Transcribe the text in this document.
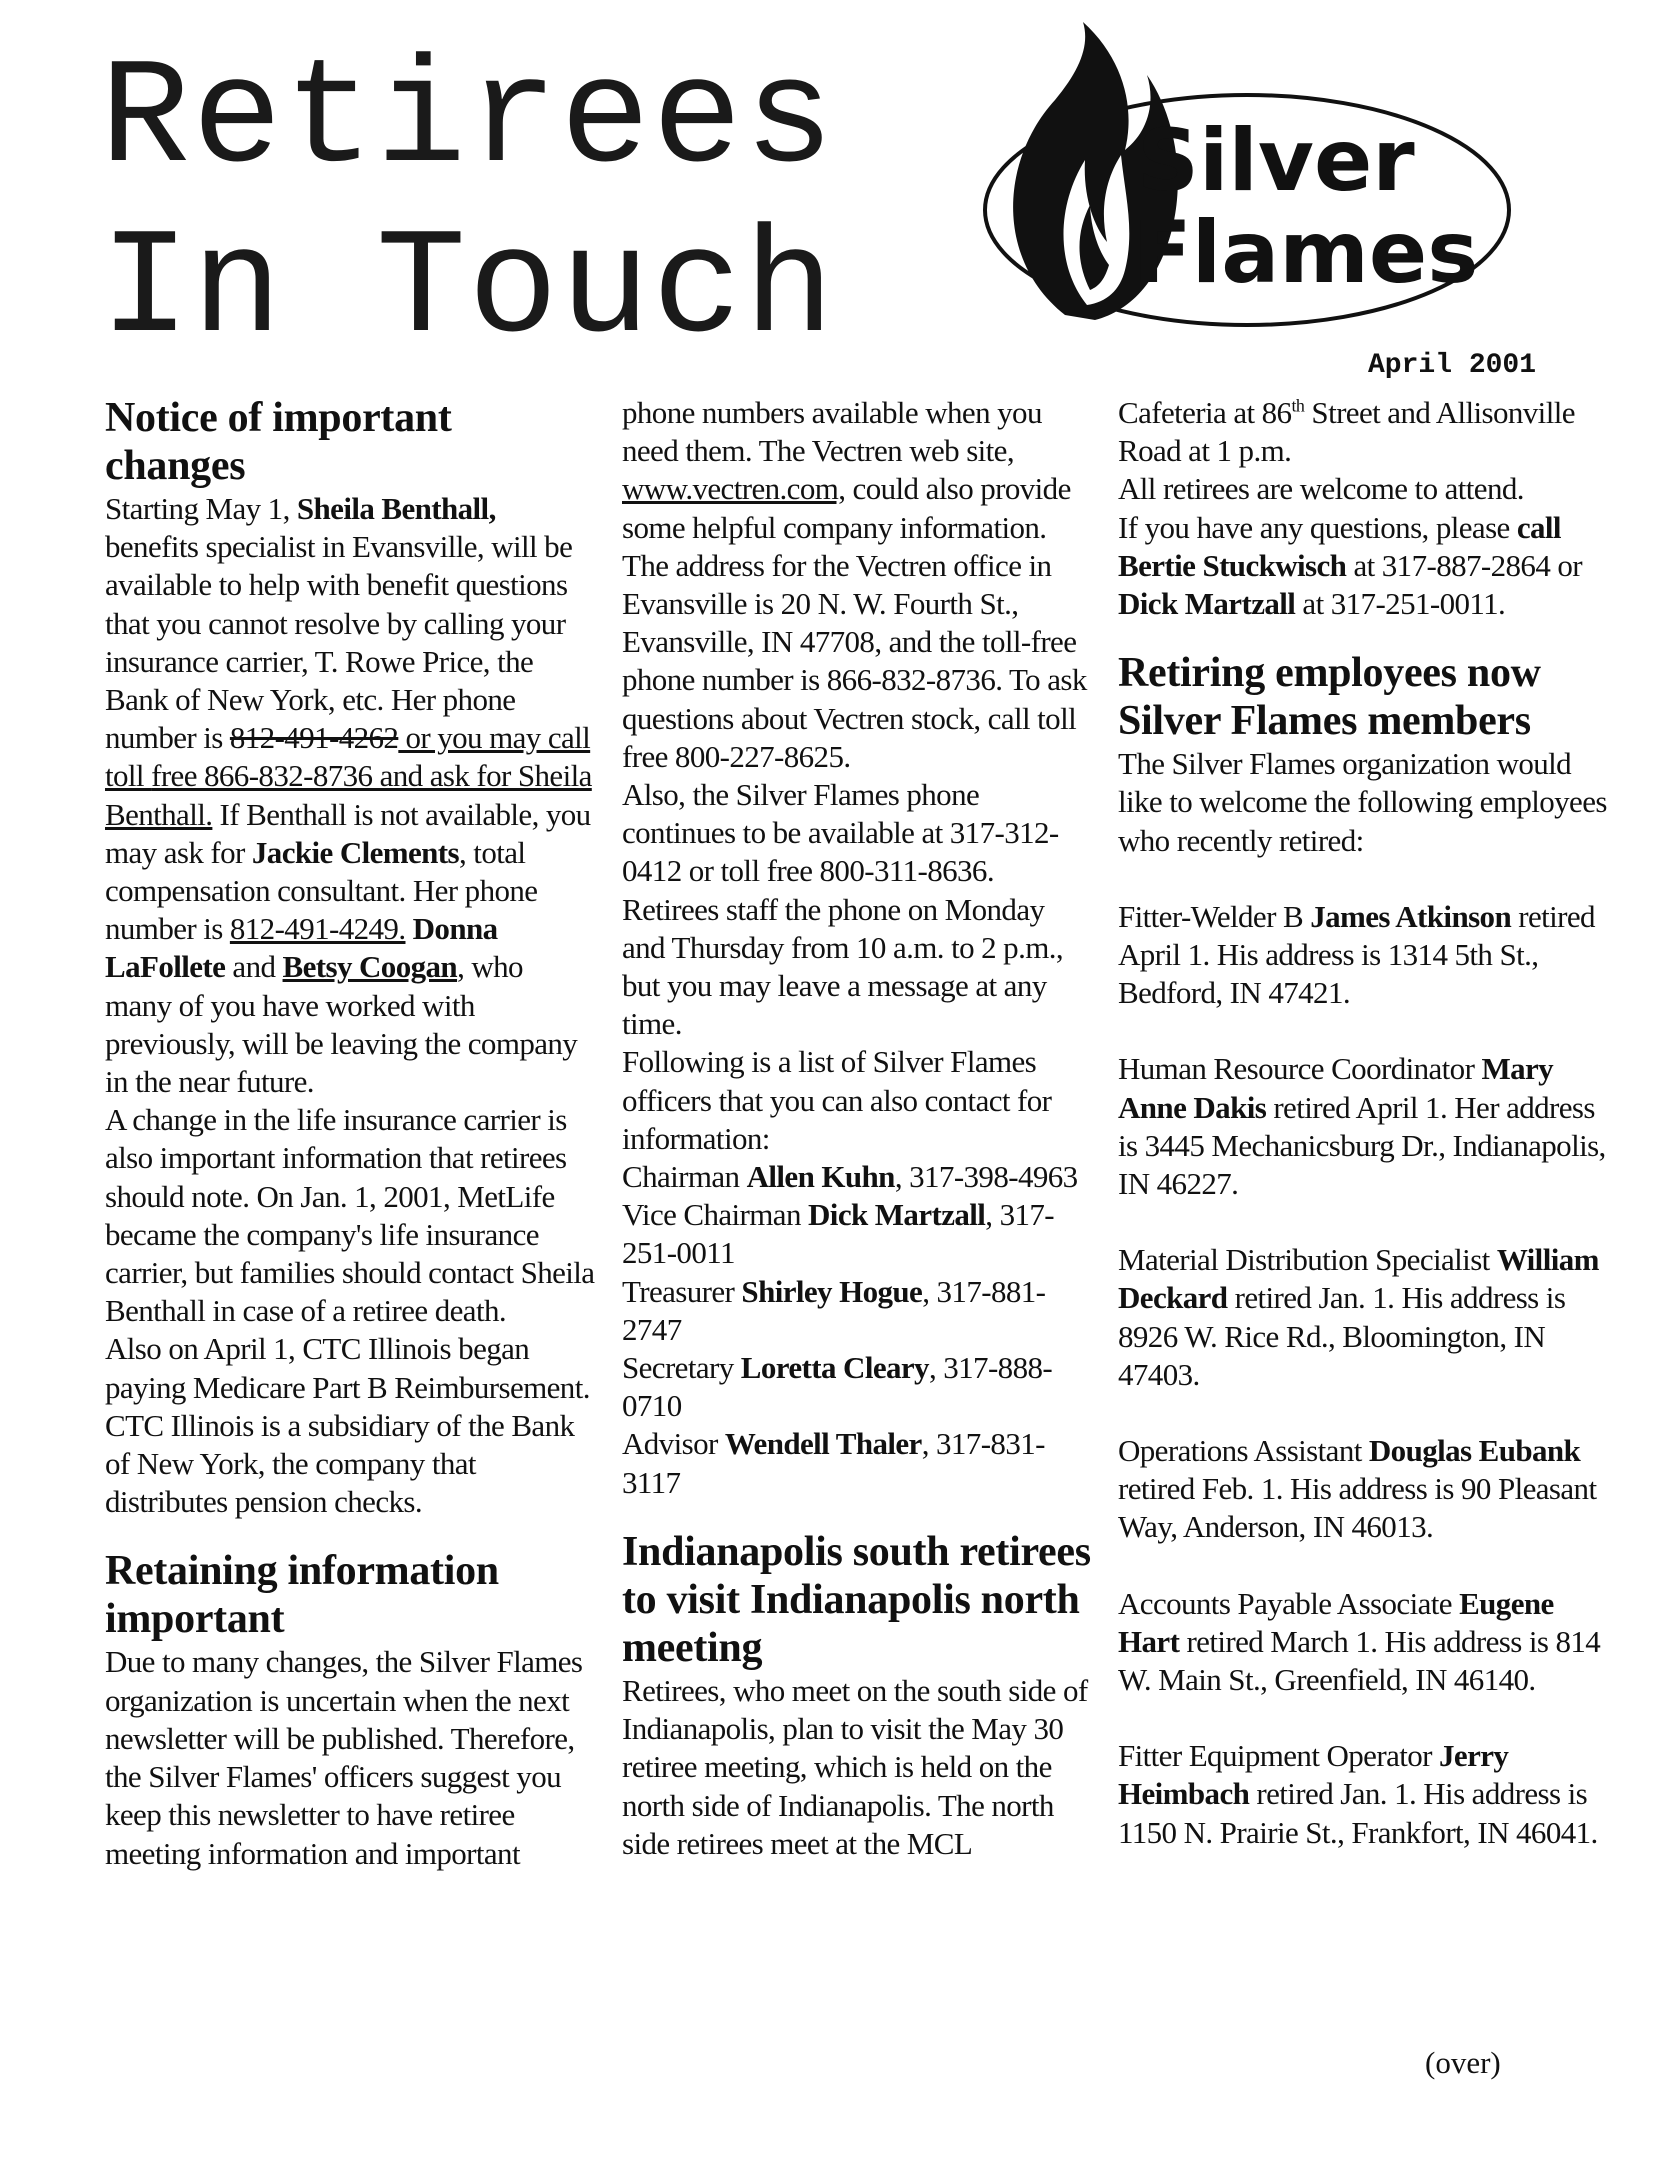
Retirees
In Touch
Silver
Flames
April 2001
Notice of important changes

Starting May 1, Sheila Benthall, benefits specialist in Evansville, will be available to help with benefit questions that you cannot resolve by calling your insurance carrier, T. Rowe Price, the Bank of New York, etc. Her phone number is 812-491-4262 or you may call toll free 866-832-8736 and ask for Sheila Benthall. If Benthall is not available, you may ask for Jackie Clements, total compensation consultant. Her phone number is 812-491-4249. Donna LaFollete and Betsy Coogan, who many of you have worked with previously, will be leaving the company in the near future.

A change in the life insurance carrier is also important information that retirees should note. On Jan. 1, 2001, MetLife became the company's life insurance carrier, but families should contact Sheila Benthall in case of a retiree death.

Also on April 1, CTC Illinois began paying Medicare Part B Reimbursement. CTC Illinois is a subsidiary of the Bank of New York, the company that distributes pension checks.

Retaining information important

Due to many changes, the Silver Flames organization is uncertain when the next newsletter will be published. Therefore, the Silver Flames' officers suggest you keep this newsletter to have retiree meeting information and important

phone numbers available when you need them. The Vectren web site, www.vectren.com, could also provide some helpful company information.

The address for the Vectren office in Evansville is 20 N. W. Fourth St., Evansville, IN 47708, and the toll-free phone number is 866-832-8736. To ask questions about Vectren stock, call toll free 800-227-8625.

Also, the Silver Flames phone continues to be available at 317-312-0412 or toll free 800-311-8636. Retirees staff the phone on Monday and Thursday from 10 a.m. to 2 p.m., but you may leave a message at any time.

Following is a list of Silver Flames officers that you can also contact for information:

Chairman Allen Kuhn, 317-398-4963

Vice Chairman Dick Martzall, 317-251-0011

Treasurer Shirley Hogue, 317-881-2747

Secretary Loretta Cleary, 317-888-0710

Advisor Wendell Thaler, 317-831-3117

Indianapolis south retirees to visit Indianapolis north meeting

Retirees, who meet on the south side of Indianapolis, plan to visit the May 30 retiree meeting, which is held on the north side of Indianapolis. The north side retirees meet at the MCL

Cafeteria at 86th Street and Allisonville Road at 1 p.m.

All retirees are welcome to attend.

If you have any questions, please call Bertie Stuckwisch at 317-887-2864 or Dick Martzall at 317-251-0011.

Retiring employees now Silver Flames members

The Silver Flames organization would like to welcome the following employees who recently retired:

Fitter-Welder B James Atkinson retired April 1. His address is 1314 5th St., Bedford, IN 47421.

Human Resource Coordinator Mary Anne Dakis retired April 1. Her address is 3445 Mechanicsburg Dr., Indianapolis, IN 46227.

Material Distribution Specialist William Deckard retired Jan. 1. His address is 8926 W. Rice Rd., Bloomington, IN 47403.

Operations Assistant Douglas Eubank retired Feb. 1. His address is 90 Pleasant Way, Anderson, IN 46013.

Accounts Payable Associate Eugene Hart retired March 1. His address is 814 W. Main St., Greenfield, IN 46140.

Fitter Equipment Operator Jerry Heimbach retired Jan. 1. His address is 1150 N. Prairie St., Frankfort, IN 46041.

(over)
